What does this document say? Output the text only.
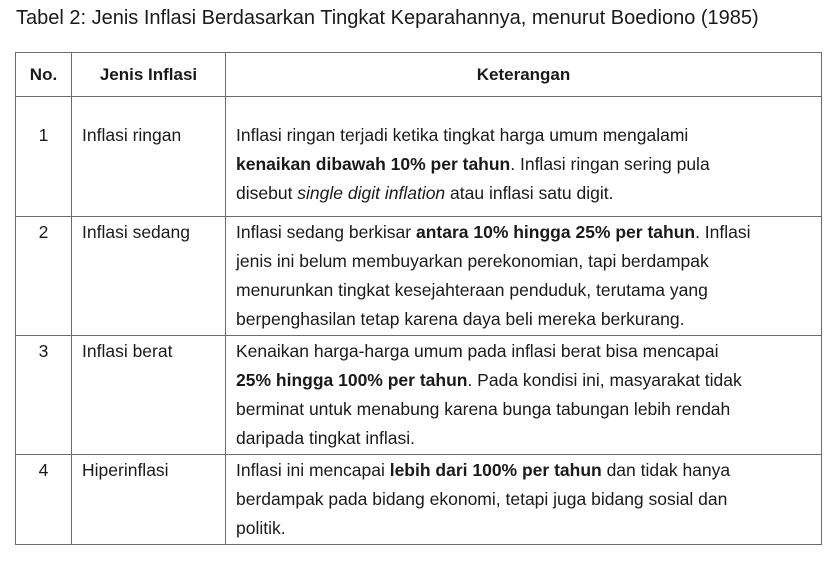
Tabel 2: Jenis Inflasi Berdasarkan Tingkat Keparahannya, menurut Boediono (1985)
No.	Jenis Inflasi	Keterangan
1	Inflasi ringan	Inflasi ringan terjadi ketika tingkat harga umum mengalami
kenaikan dibawah 10% per tahun. Inflasi ringan sering pula
disebut single digit inflation atau inflasi satu digit.

2	Inflasi sedang	Inflasi sedang berkisar antara 10% hingga 25% per tahun. Inflasi
jenis ini belum membuyarkan perekonomian, tapi berdampak
menurunkan tingkat kesejahteraan penduduk, terutama yang
berpenghasilan tetap karena daya beli mereka berkurang.

3	Inflasi berat	Kenaikan harga-harga umum pada inflasi berat bisa mencapai
25% hingga 100% per tahun. Pada kondisi ini, masyarakat tidak
berminat untuk menabung karena bunga tabungan lebih rendah
daripada tingkat inflasi.

4	Hiperinflasi	Inflasi ini mencapai lebih dari 100% per tahun dan tidak hanya
berdampak pada bidang ekonomi, tetapi juga bidang sosial dan
politik.
